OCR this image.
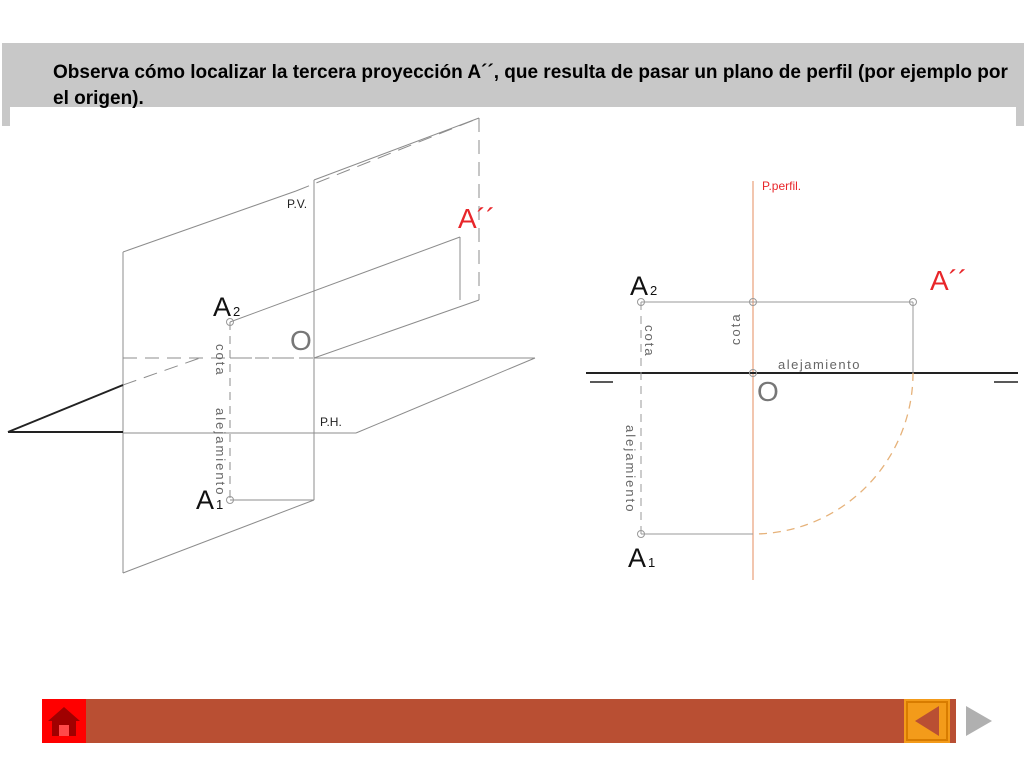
Observa cómo localizar la tercera proyección A´´, que resulta de pasar un plano de perfil (por ejemplo por el origen).
P.V.
P.H.
A´´
A 2
A 1
O
cota
alejamiento
P.perfil.
A´´
A 2
A 1
O
cota	cota
alejamiento
alejamiento
